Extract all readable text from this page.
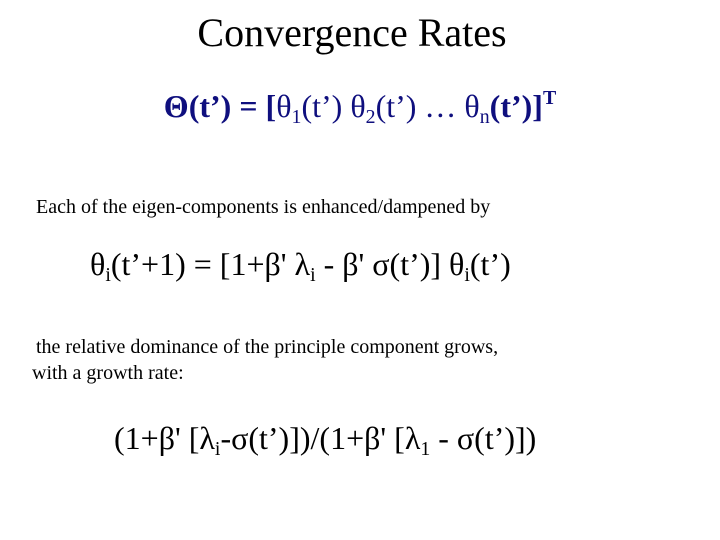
Convergence Rates
Θ(t’) = [$\theta_1(t’)$ $\theta_2(t’)$ … $\theta_n(t’)]^T$
Each of the eigen-components is enhanced/dampened by
$\theta_i(t’+1) = [1+\beta'$ $\lambda_i$ - β' σ(t’)] $\theta_i(t’)$
the relative dominance of the principle component grows,
with a growth rate:
(1+β' $[\lambda_i-\sigma(t’)])/(1+\beta'$ [$\lambda_1$ - σ(t’)])
